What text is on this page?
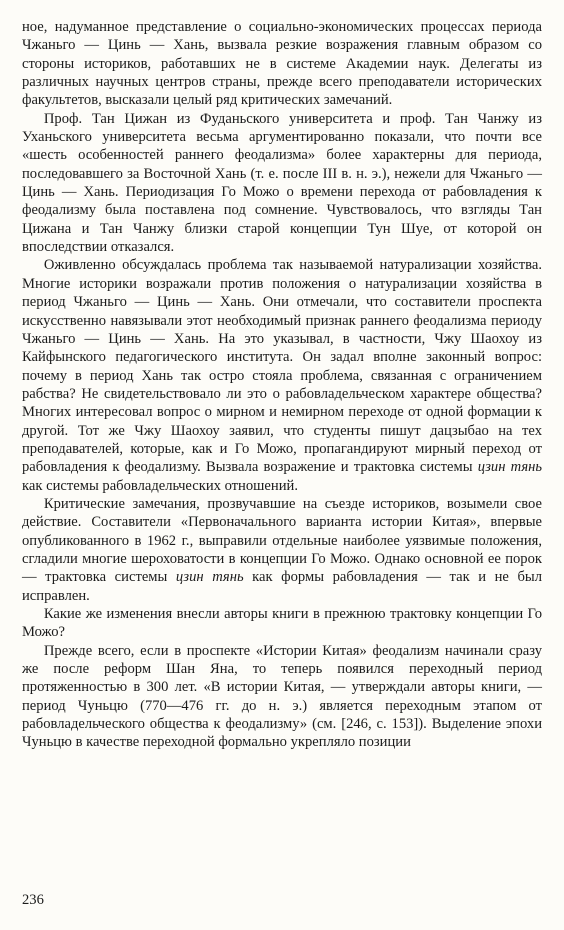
ное, надуманное представление о социально-экономических процессах периода Чжаньго — Цинь — Хань, вызвала резкие возражения главным образом со стороны историков, работавших не в системе Академии наук. Делегаты из различных научных центров страны, прежде всего преподаватели исторических факультетов, высказали целый ряд критических замечаний.

Проф. Тан Цижан из Фуданьского университета и проф. Тан Чанжу из Уханьского университета весьма аргументированно показали, что почти все «шесть особенностей раннего феодализма» более характерны для периода, последовавшего за Восточной Хань (т. е. после III в. н. э.), нежели для Чжаньго — Цинь — Хань. Периодизация Го Можо о времени перехода от рабовладения к феодализму была поставлена под сомнение. Чувствовалось, что взгляды Тан Цижана и Тан Чанжу близки старой концепции Тун Шуе, от которой он впоследствии отказался.

Оживленно обсуждалась проблема так называемой натурализации хозяйства. Многие историки возражали против положения о натурализации хозяйства в период Чжаньго — Цинь — Хань. Они отмечали, что составители проспекта искусственно навязывали этот необходимый признак раннего феодализма периоду Чжаньго — Цинь — Хань. На это указывал, в частности, Чжу Шаохоу из Кайфынского педагогического института. Он задал вполне законный вопрос: почему в период Хань так остро стояла проблема, связанная с ограничением рабства? Не свидетельствовало ли это о рабовладельческом характере общества? Многих интересовал вопрос о мирном и немирном переходе от одной формации к другой. Тот же Чжу Шаохоу заявил, что студенты пишут дацзыбао на тех преподавателей, которые, как и Го Можо, пропагандируют мирный переход от рабовладения к феодализму. Вызвала возражение и трактовка системы цзин тянь как системы рабовладельческих отношений.

Критические замечания, прозвучавшие на съезде историков, возымели свое действие. Составители «Первоначального варианта истории Китая», впервые опубликованного в 1962 г., выправили отдельные наиболее уязвимые положения, сгладили многие шероховатости в концепции Го Можо. Однако основной ее порок — трактовка системы цзин тянь как формы рабовладения — так и не был исправлен.

Какие же изменения внесли авторы книги в прежнюю трактовку концепции Го Можо?

Прежде всего, если в проспекте «Истории Китая» феодализм начинали сразу же после реформ Шан Яна, то теперь появился переходный период протяженностью в 300 лет. «В истории Китая, — утверждали авторы книги, — период Чуньцю (770—476 гг. до н. э.) является переходным этапом от рабовладельческого общества к феодализму» (см. [246, с. 153]). Выделение эпохи Чуньцю в качестве переходной формально укрепляло позиции

236
